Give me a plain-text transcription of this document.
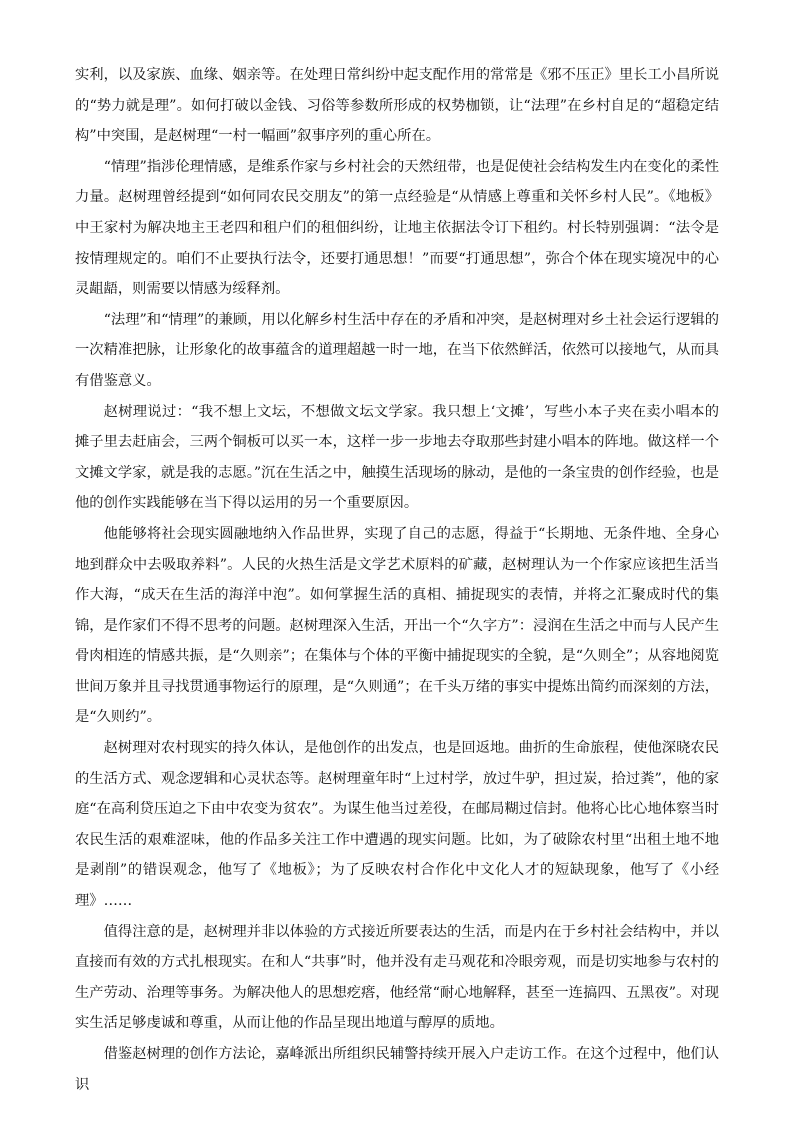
实利，以及家族、血缘、姻亲等。在处理日常纠纷中起支配作用的常常是《邪不压正》里长工小昌所说的“势力就是理”。如何打破以金钱、习俗等参数所形成的权势枷锁，让“法理”在乡村自足的“超稳定结构”中突围，是赵树理“一村一幅画”叙事序列的重心所在。

“情理”指涉伦理情感，是维系作家与乡村社会的天然纽带，也是促使社会结构发生内在变化的柔性力量。赵树理曾经提到“如何同农民交朋友”的第一点经验是“从情感上尊重和关怀乡村人民”。《地板》中王家村为解决地主王老四和租户们的租佃纠纷，让地主依据法令订下租约。村长特别强调：“法令是按情理规定的。咱们不止要执行法令，还要打通思想！”而要“打通思想”，弥合个体在现实境况中的心灵龃龉，则需要以情感为绥释剂。

“法理”和“情理”的兼顾，用以化解乡村生活中存在的矛盾和冲突，是赵树理对乡土社会运行逻辑的一次精准把脉，让形象化的故事蕴含的道理超越一时一地，在当下依然鲜活，依然可以接地气，从而具有借鉴意义。

赵树理说过：“我不想上文坛，不想做文坛文学家。我只想上‘文摊’，写些小本子夹在卖小唱本的摊子里去赶庙会，三两个铜板可以买一本，这样一步一步地去夺取那些封建小唱本的阵地。做这样一个文摊文学家，就是我的志愿。”沉在生活之中，触摸生活现场的脉动，是他的一条宝贵的创作经验，也是他的创作实践能够在当下得以运用的另一个重要原因。

他能够将社会现实圆融地纳入作品世界，实现了自己的志愿，得益于“长期地、无条件地、全身心地到群众中去吸取养料”。人民的火热生活是文学艺术原料的矿藏，赵树理认为一个作家应该把生活当作大海，“成天在生活的海洋中泡”。如何掌握生活的真相、捕捉现实的表情，并将之汇聚成时代的集锦，是作家们不得不思考的问题。赵树理深入生活，开出一个“久字方”：浸润在生活之中而与人民产生骨肉相连的情感共振，是“久则亲”；在集体与个体的平衡中捕捉现实的全貌，是“久则全”；从容地阅览世间万象并且寻找贯通事物运行的原理，是“久则通”；在千头万绪的事实中提炼出简约而深刻的方法，是“久则约”。

赵树理对农村现实的持久体认，是他创作的出发点，也是回返地。曲折的生命旅程，使他深晓农民的生活方式、观念逻辑和心灵状态等。赵树理童年时“上过村学，放过牛驴，担过炭，拾过粪”，他的家庭“在高利贷压迫之下由中农变为贫农”。为谋生他当过差役，在邮局糊过信封。他将心比心地体察当时农民生活的艰难涩味，他的作品多关注工作中遭遇的现实问题。比如，为了破除农村里“出租土地不地是剥削”的错误观念，他写了《地板》；为了反映农村合作化中文化人才的短缺现象，他写了《小经理》……

值得注意的是，赵树理并非以体验的方式接近所要表达的生活，而是内在于乡村社会结构中，并以直接而有效的方式扎根现实。在和人“共事”时，他并没有走马观花和冷眼旁观，而是切实地参与农村的生产劳动、治理等事务。为解决他人的思想疙瘩，他经常“耐心地解释，甚至一连搞四、五黑夜”。对现实生活足够虔诚和尊重，从而让他的作品呈现出地道与醇厚的质地。

借鉴赵树理的创作方法论，嘉峰派出所组织民辅警持续开展入户走访工作。在这个过程中，他们认识
